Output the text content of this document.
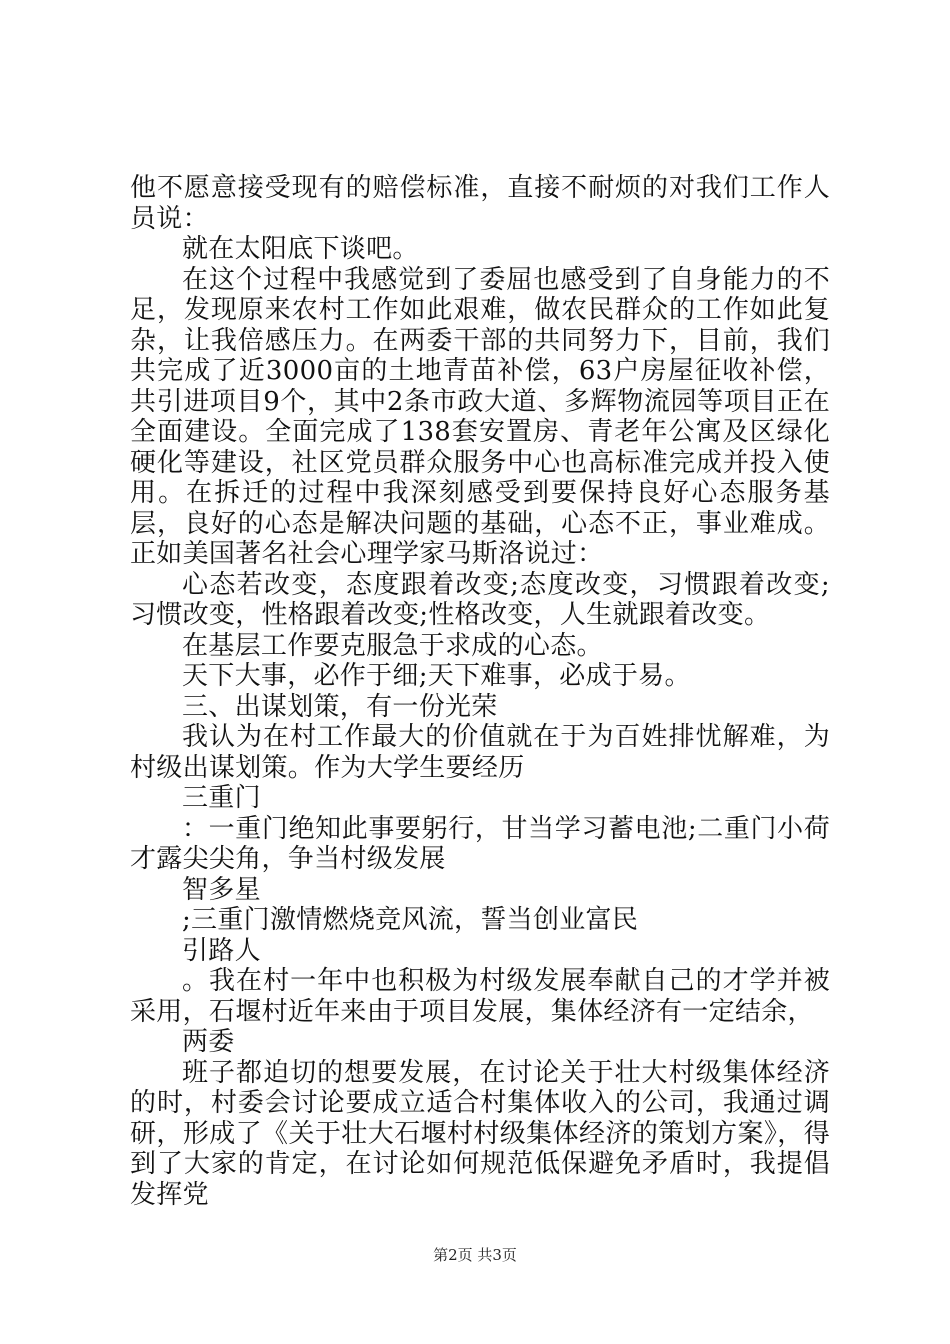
他不愿意接受现有的赔偿标准，直接不耐烦的对我们工作人员说：

就在太阳底下谈吧。

在这个过程中我感觉到了委屈也感受到了自身能力的不足，发现原来农村工作如此艰难，做农民群众的工作如此复杂，让我倍感压力。在两委干部的共同努力下，目前，我们共完成了近3000亩的土地青苗补偿，63户房屋征收补偿，共引进项目9个，其中2条市政大道、多辉物流园等项目正在全面建设。全面完成了138套安置房、青老年公寓及区绿化硬化等建设，社区党员群众服务中心也高标准完成并投入使用。在拆迁的过程中我深刻感受到要保持良好心态服务基层，良好的心态是解决问题的基础，心态不正，事业难成。正如美国著名社会心理学家马斯洛说过：

心态若改变，态度跟着改变;态度改变，习惯跟着改变;习惯改变，性格跟着改变;性格改变，人生就跟着改变。

在基层工作要克服急于求成的心态。

天下大事，必作于细;天下难事，必成于易。

三、出谋划策，有一份光荣

我认为在村工作最大的价值就在于为百姓排忧解难，为村级出谋划策。作为大学生要经历

三重门

：一重门绝知此事要躬行，甘当学习蓄电池;二重门小荷才露尖尖角，争当村级发展

智多星

;三重门激情燃烧竞风流，誓当创业富民

引路人

。我在村一年中也积极为村级发展奉献自己的才学并被采用，石堰村近年来由于项目发展，集体经济有一定结余，

两委

班子都迫切的想要发展，在讨论关于壮大村级集体经济的时，村委会讨论要成立适合村集体收入的公司，我通过调研，形成了《关于壮大石堰村村级集体经济的策划方案》，得到了大家的肯定，在讨论如何规范低保避免矛盾时，我提倡发挥党

第2页 共3页
